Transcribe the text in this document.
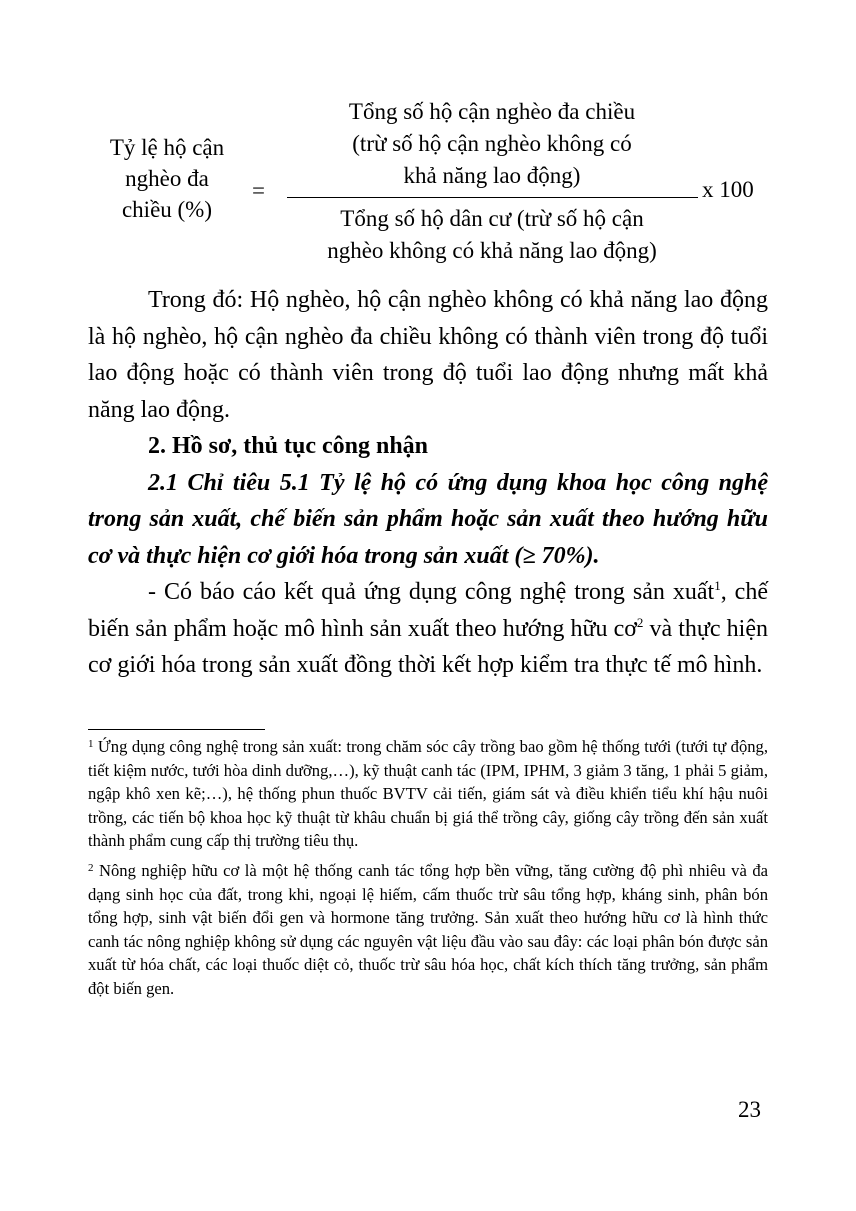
Tỷ lệ hộ cận
nghèo đa
chiều (%)
=
Tổng số hộ cận nghèo đa chiều
(trừ số hộ cận nghèo không có
khả năng lao động)
Tổng số hộ dân cư (trừ số hộ cận
nghèo không có khả năng lao động)
x 100
Trong đó: Hộ nghèo, hộ cận nghèo không có khả năng lao động là hộ nghèo, hộ cận nghèo đa chiều không có thành viên trong độ tuổi lao động hoặc có thành viên trong độ tuổi lao động nhưng mất khả năng lao động.
2. Hồ sơ, thủ tục công nhận
2.1 Chỉ tiêu 5.1 Tỷ lệ hộ có ứng dụng khoa học công nghệ trong sản xuất, chế biến sản phẩm hoặc sản xuất theo hướng hữu cơ và thực hiện cơ giới hóa trong sản xuất (≥ 70%).
- Có báo cáo kết quả ứng dụng công nghệ trong sản xuất$^1$, chế biến sản phẩm hoặc mô hình sản xuất theo hướng hữu $cơ^2$ và thực hiện cơ giới hóa trong sản xuất đồng thời kết hợp kiểm tra thực tế mô hình.
$^1$ Ứng dụng công nghệ trong sản xuất: trong chăm sóc cây trồng bao gồm hệ thống tưới (tưới tự động, tiết kiệm nước, tưới hòa dinh dưỡng,…), kỹ thuật canh tác (IPM, IPHM, 3 giảm 3 tăng, 1 phải 5 giảm, ngập khô xen kẽ;…), hệ thống phun thuốc BVTV cải tiến, giám sát và điều khiển tiểu khí hậu nuôi trồng, các tiến bộ khoa học kỹ thuật từ khâu chuẩn bị giá thể trồng cây, giống cây trồng đến sản xuất thành phẩm cung cấp thị trường tiêu thụ.
$^2$ Nông nghiệp hữu cơ là một hệ thống canh tác tổng hợp bền vững, tăng cường độ phì nhiêu và đa dạng sinh học của đất, trong khi, ngoại lệ hiếm, cấm thuốc trừ sâu tổng hợp, kháng sinh, phân bón tổng hợp, sinh vật biến đổi gen và hormone tăng trưởng. Sản xuất theo hướng hữu cơ là hình thức canh tác nông nghiệp không sử dụng các nguyên vật liệu đầu vào sau đây: các loại phân bón được sản xuất từ hóa chất, các loại thuốc diệt cỏ, thuốc trừ sâu hóa học, chất kích thích tăng trưởng, sản phẩm đột biến gen.
23
